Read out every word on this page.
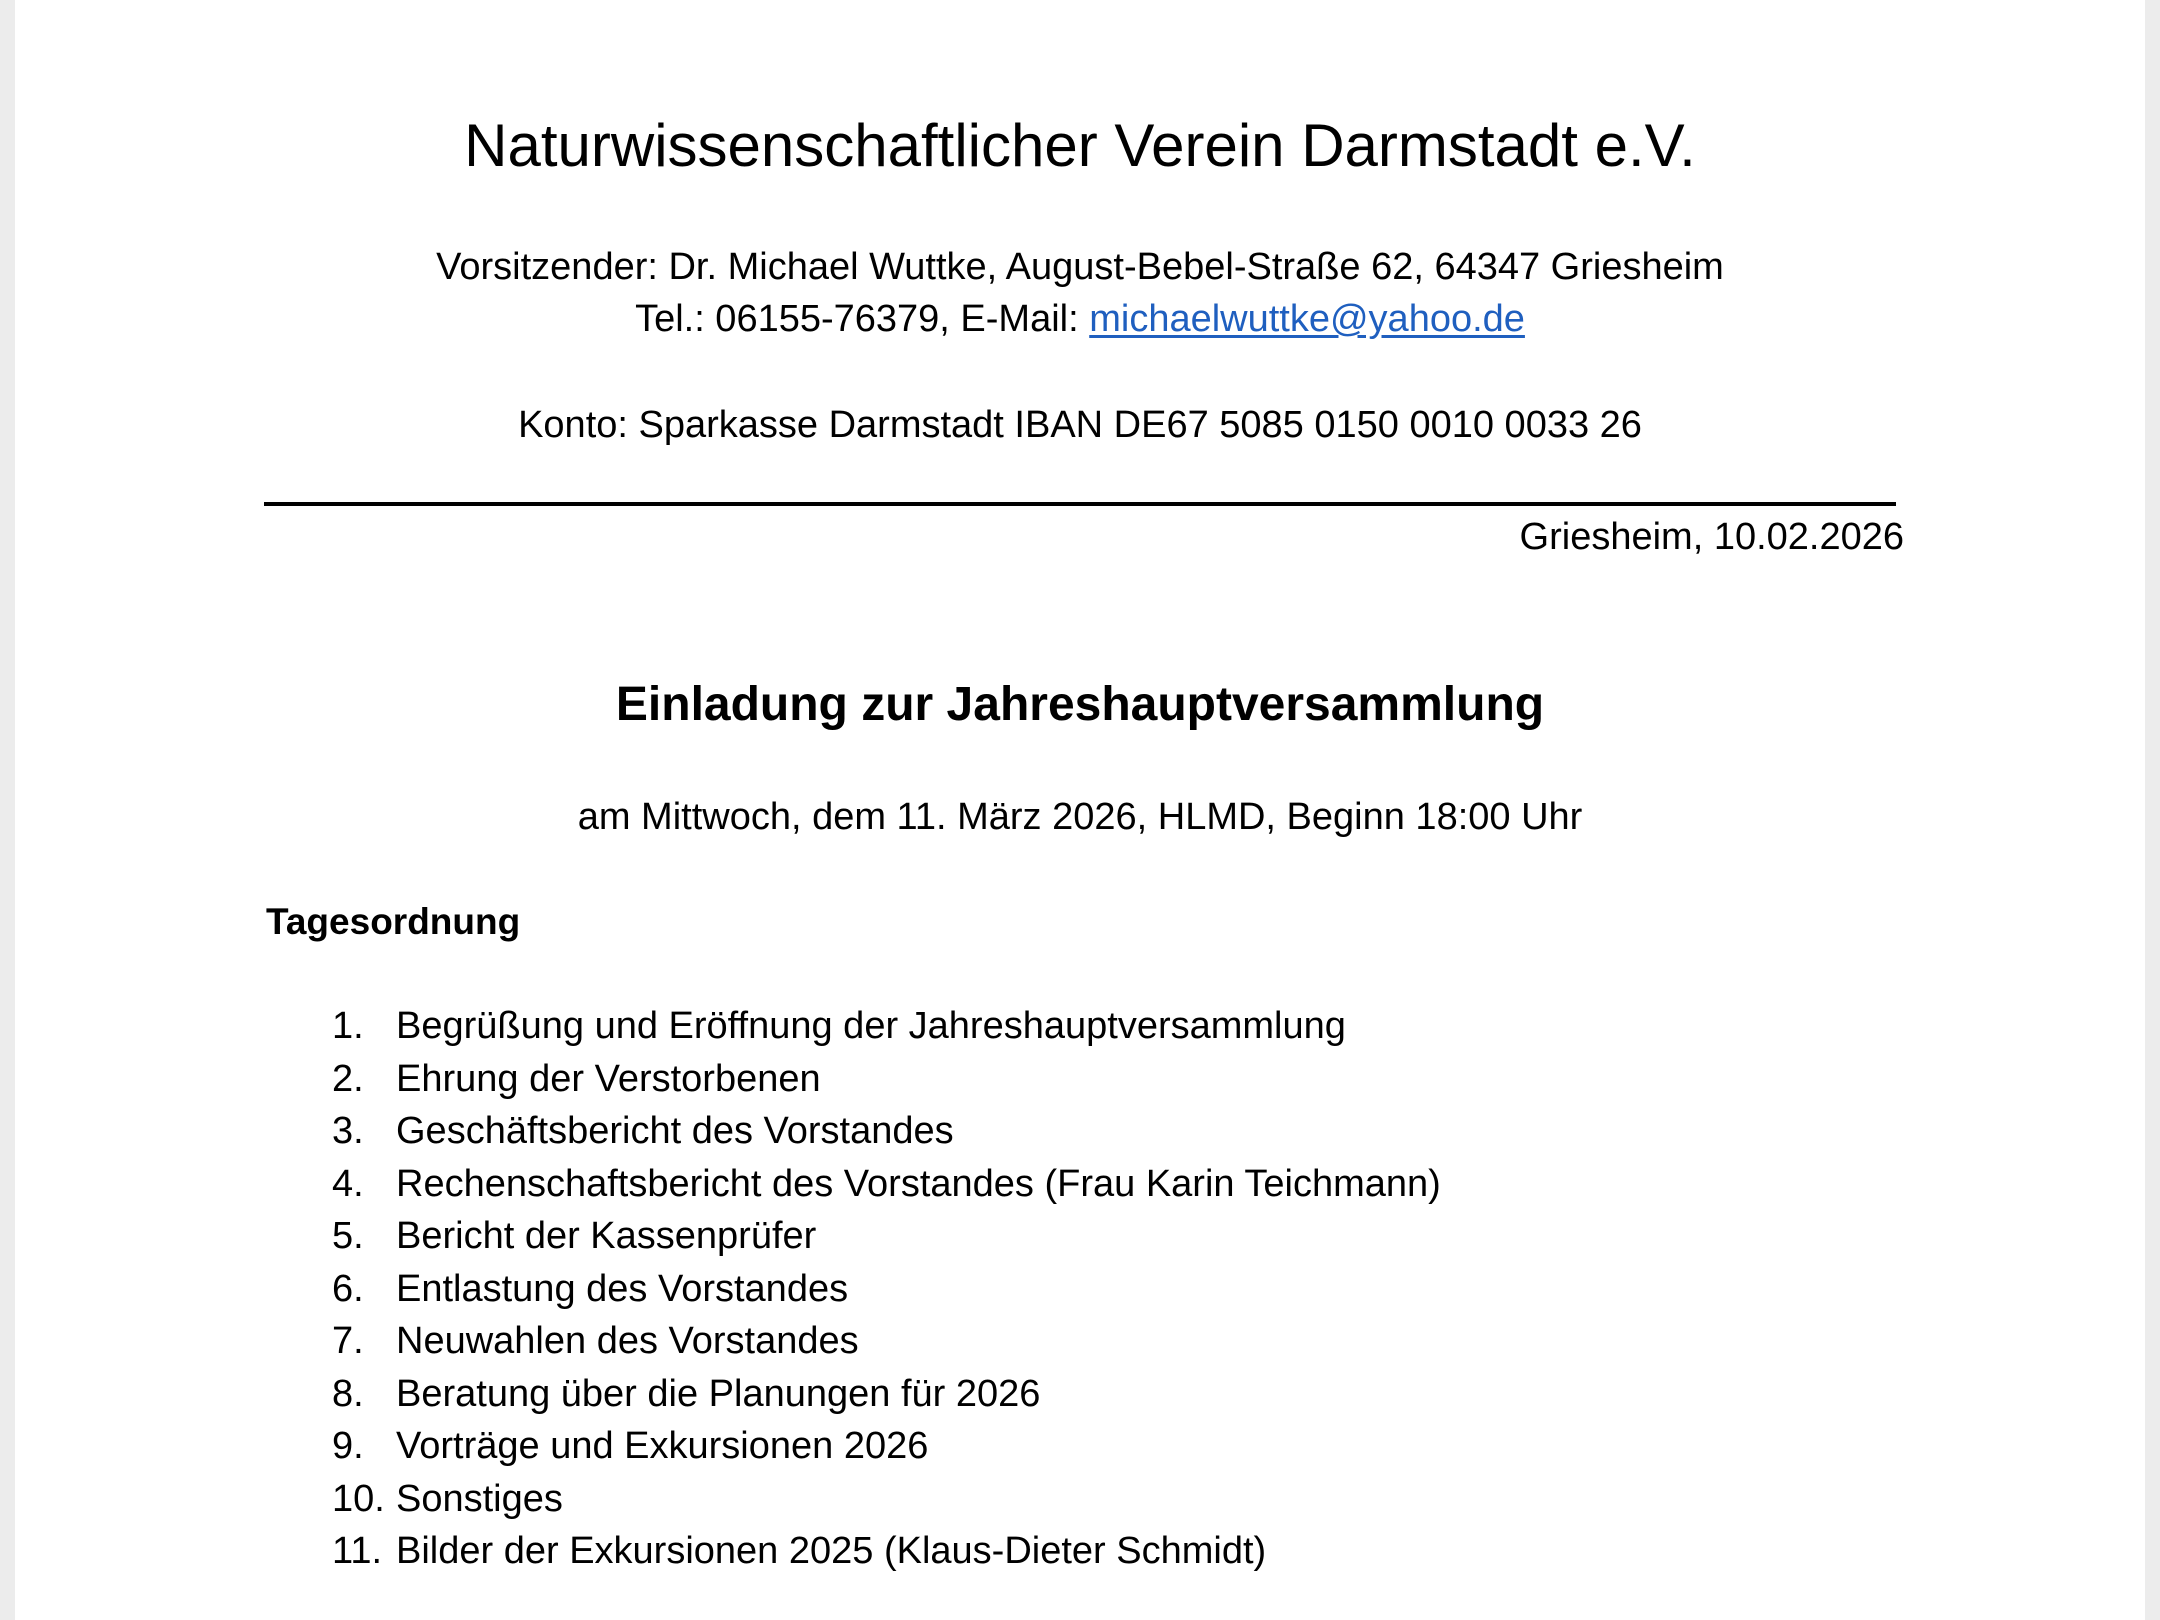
Naturwissenschaftlicher Verein Darmstadt e.V.
Vorsitzender: Dr. Michael Wuttke, August-Bebel-Straße 62, 64347 Griesheim
Tel.: 06155-76379, E-Mail: michaelwuttke@yahoo.de
Konto: Sparkasse Darmstadt IBAN DE67 5085 0150 0010 0033 26
Griesheim, 10.02.2026
Einladung zur Jahreshauptversammlung
am Mittwoch, dem 11. März 2026, HLMD, Beginn 18:00 Uhr
Tagesordnung
1. Begrüßung und Eröffnung der Jahreshauptversammlung
2. Ehrung der Verstorbenen
3. Geschäftsbericht des Vorstandes
4. Rechenschaftsbericht des Vorstandes (Frau Karin Teichmann)
5. Bericht der Kassenprüfer
6. Entlastung des Vorstandes
7. Neuwahlen des Vorstandes
8. Beratung über die Planungen für 2026
9. Vorträge und Exkursionen 2026
10. Sonstiges
11. Bilder der Exkursionen 2025 (Klaus-Dieter Schmidt)
